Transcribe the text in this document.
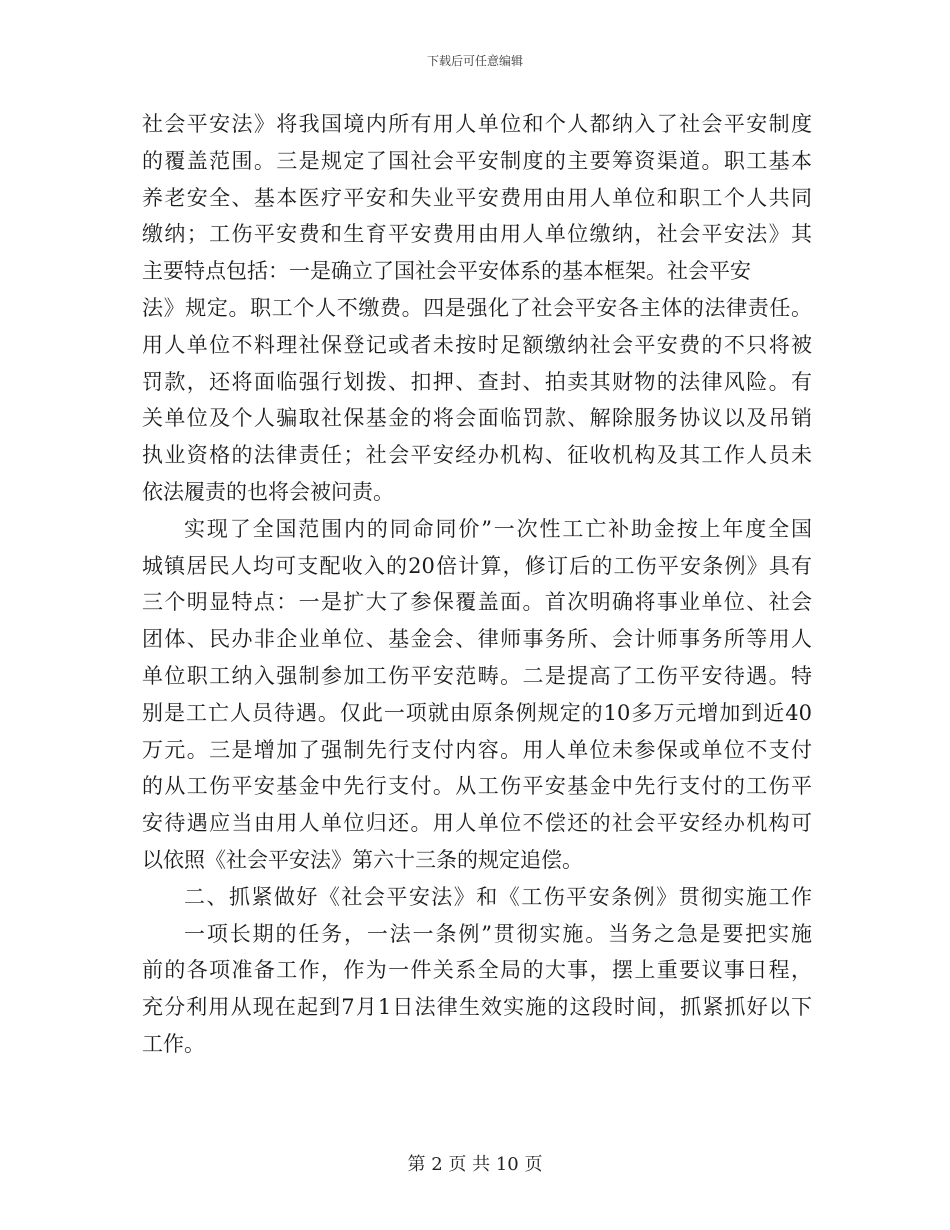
下载后可任意编辑
社会平安法》将我国境内所有用人单位和个人都纳入了社会平安制度
的覆盖范围。三是规定了国社会平安制度的主要筹资渠道。职工基本
养老安全、基本医疗平安和失业平安费用由用人单位和职工个人共同
缴纳；工伤平安费和生育平安费用由用人单位缴纳，社会平安法》其
主要特点包括：一是确立了国社会平安体系的基本框架。社会平安
法》规定。职工个人不缴费。四是强化了社会平安各主体的法律责任。
用人单位不料理社保登记或者未按时足额缴纳社会平安费的不只将被
罚款，还将面临强行划拨、扣押、查封、拍卖其财物的法律风险。有
关单位及个人骗取社保基金的将会面临罚款、解除服务协议以及吊销
执业资格的法律责任；社会平安经办机构、征收机构及其工作人员未
依法履责的也将会被问责。
实现了全国范围内的同命同价”一次性工亡补助金按上年度全国
城镇居民人均可支配收入的20倍计算，修订后的工伤平安条例》具有
三个明显特点：一是扩大了参保覆盖面。首次明确将事业单位、社会
团体、民办非企业单位、基金会、律师事务所、会计师事务所等用人
单位职工纳入强制参加工伤平安范畴。二是提高了工伤平安待遇。特
别是工亡人员待遇。仅此一项就由原条例规定的10多万元增加到近40
万元。三是增加了强制先行支付内容。用人单位未参保或单位不支付
的从工伤平安基金中先行支付。从工伤平安基金中先行支付的工伤平
安待遇应当由用人单位归还。用人单位不偿还的社会平安经办机构可
以依照《社会平安法》第六十三条的规定追偿。
二、抓紧做好《社会平安法》和《工伤平安条例》贯彻实施工作
一项长期的任务，一法一条例”贯彻实施。当务之急是要把实施
前的各项准备工作，作为一件关系全局的大事，摆上重要议事日程，
充分利用从现在起到7月1日法律生效实施的这段时间，抓紧抓好以下
工作。
第 2 页 共 10 页
